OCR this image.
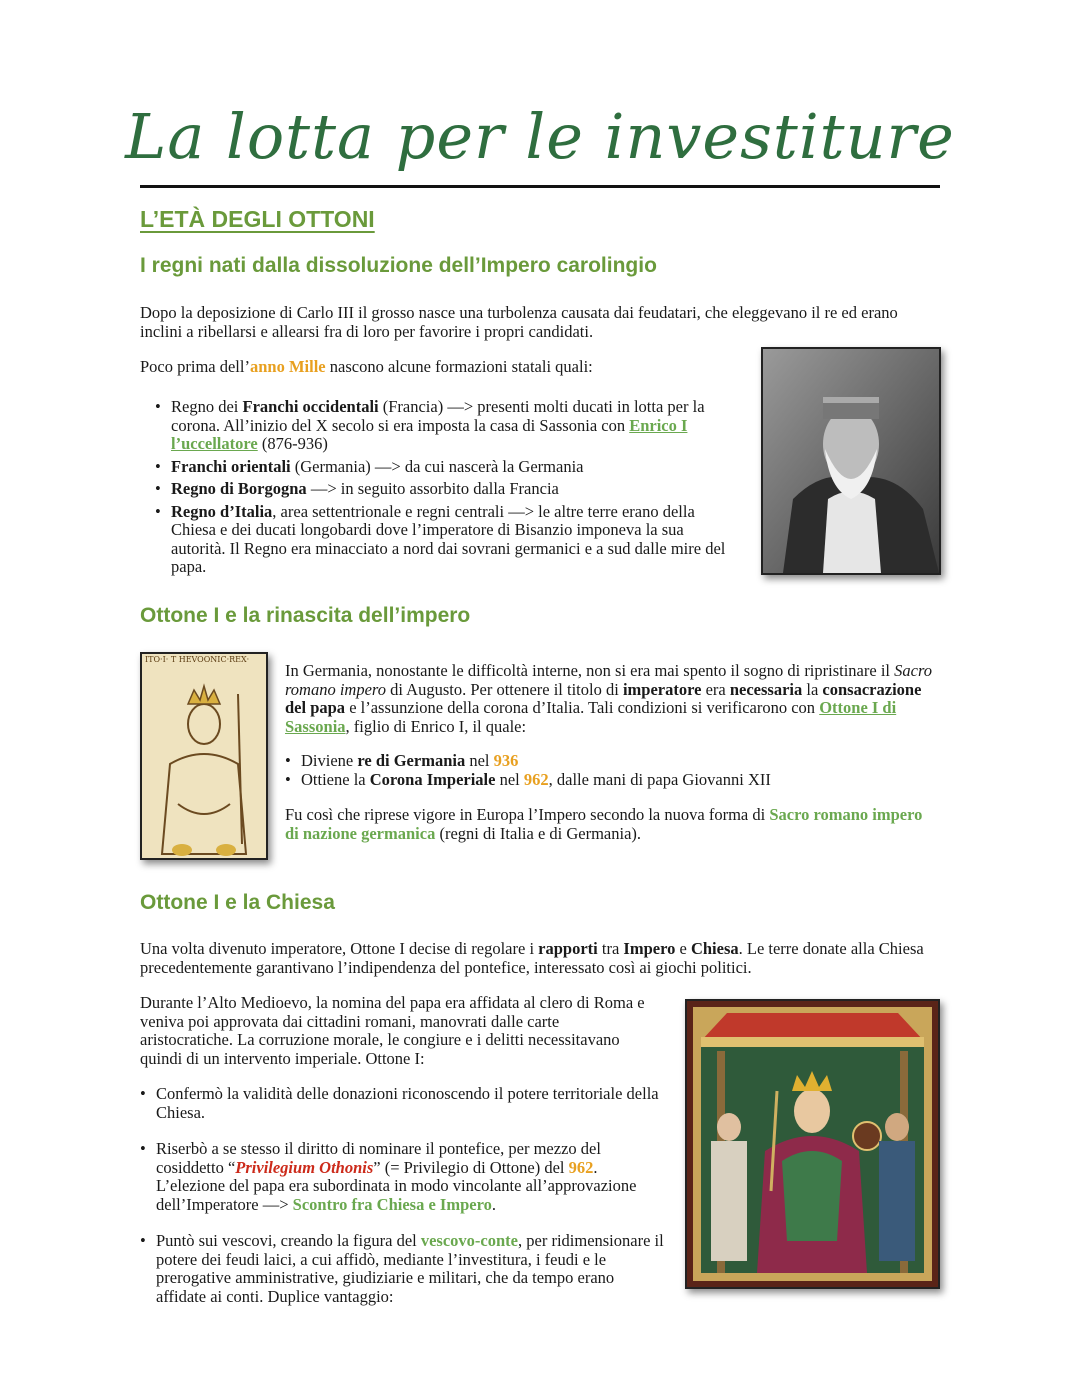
La lotta per le investiture
L’ETÀ DEGLI OTTONI
I regni nati dalla dissoluzione dell’Impero carolingio
Dopo la deposizione di Carlo III il grosso nasce una turbolenza causata dai feudatari, che eleggevano il re ed erano inclini a ribellarsi e allearsi fra di loro per favorire i propri candidati.
Poco prima dell’anno Mille nascono alcune formazioni statali quali:
• Regno dei Franchi occidentali (Francia) —> presenti molti ducati in lotta per la corona. All’inizio del X secolo si era imposta la casa di Sassonia con Enrico I l’uccellatore (876-936)
• Franchi orientali (Germania) —> da cui nascerà la Germania
• Regno di Borgogna —> in seguito assorbito dalla Francia
• Regno d’Italia, area settentrionale e regni centrali —> le altre terre erano della Chiesa e dei ducati longobardi dove l’imperatore di Bisanzio imponeva la sua autorità. Il Regno era minacciato a nord dai sovrani germanici e a sud dalle mire del papa.
Ottone I e la rinascita dell’impero
ITO·I· T HEVOONIC·REX·
In Germania, nonostante le difficoltà interne, non si era mai spento il sogno di ripristinare il Sacro romano impero di Augusto. Per ottenere il titolo di imperatore era necessaria la consacrazione del papa e l’assunzione della corona d’Italia. Tali condizioni si verificarono con Ottone I di Sassonia, figlio di Enrico I, il quale:
• Diviene re di Germania nel 936
• Ottiene la Corona Imperiale nel 962, dalle mani di papa Giovanni XII
Fu così che riprese vigore in Europa l’Impero secondo la nuova forma di Sacro romano impero di nazione germanica (regni di Italia e di Germania).
Ottone I e la Chiesa
Una volta divenuto imperatore, Ottone I decise di regolare i rapporti tra Impero e Chiesa. Le terre donate alla Chiesa precedentemente garantivano l’indipendenza del pontefice, interessato così ai giochi politici.
Durante l’Alto Medioevo, la nomina del papa era affidata al clero di Roma e veniva poi approvata dai cittadini romani, manovrati dalle carte aristocratiche. La corruzione morale, le congiure e i delitti necessitavano quindi di un intervento imperiale. Ottone I:
• Confermò la validità delle donazioni riconoscendo il potere territoriale della Chiesa.
• Riserbò a se stesso il diritto di nominare il pontefice, per mezzo del cosiddetto “Privilegium Othonis” (= Privilegio di Ottone) del 962. L’elezione del papa era subordinata in modo vincolante all’approvazione dell’Imperatore —> Scontro fra Chiesa e Impero.
• Puntò sui vescovi, creando la figura del vescovo-conte, per ridimensionare il potere dei feudi laici, a cui affidò, mediante l’investitura, i feudi e le prerogative amministrative, giudiziarie e militari, che da tempo erano affidate ai conti. Duplice vantaggio:
